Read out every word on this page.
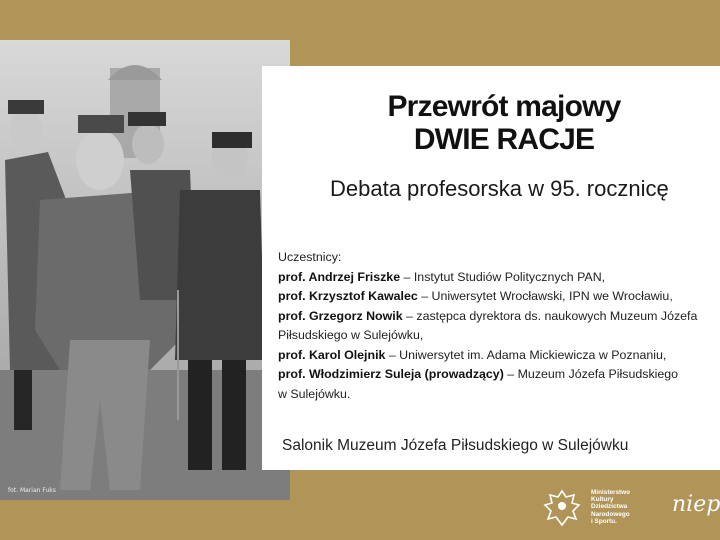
fot. Marian Fuks
Przewrót majowy
DWIE RACJE
Debata profesorska w 95. rocznicę
Uczestnicy:
prof. Andrzej Friszke – Instytut Studiów Politycznych PAN,
prof. Krzysztof Kawalec – Uniwersytet Wrocławski, IPN we Wrocławiu,
prof. Grzegorz Nowik – zastępca dyrektora ds. naukowych Muzeum Józefa
Piłsudskiego w Sulejówku,
prof. Karol Olejnik – Uniwersytet im. Adama Mickiewicza w Poznaniu,
prof. Włodzimierz Suleja (prowadzący) – Muzeum Józefa Piłsudskiego
w Sulejówku.
Salonik Muzeum Józefa Piłsudskiego w Sulejówku
Ministerstwo
Kultury
Dziedzictwa
Narodowego
i Sportu.
niep
